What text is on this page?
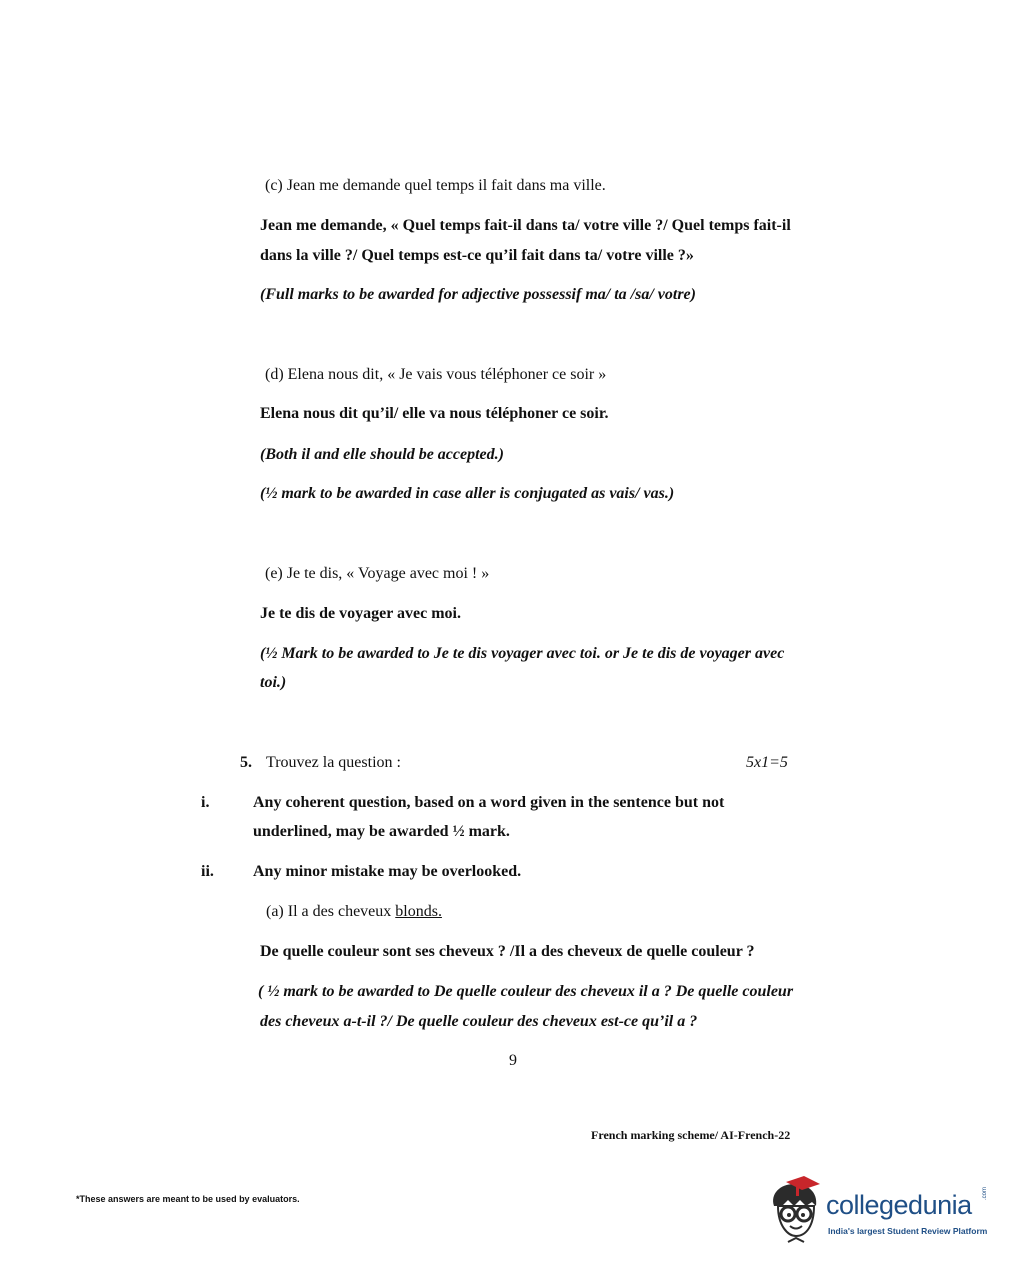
(c) Jean me demande quel temps il fait dans ma ville.
Jean me demande, « Quel temps fait-il dans ta/ votre ville ?/ Quel temps fait-il
dans la ville ?/ Quel temps est-ce qu’il fait dans ta/ votre ville ?»
(Full marks to be awarded for adjective possessif ma/ ta /sa/ votre)
(d) Elena nous dit, « Je vais vous téléphoner ce soir »
Elena nous dit qu’il/ elle va nous téléphoner ce soir.
(Both il and elle should be accepted.)
(½ mark to be awarded in case aller is conjugated as vais/ vas.)
(e) Je te dis, « Voyage avec moi ! »
Je te dis de voyager avec moi.
(½ Mark to be awarded to Je te dis voyager avec toi. or Je te dis de voyager avec
toi.)
5. Trouvez la question :	5x1=5
i.	Any coherent question, based on a word given in the sentence but not
underlined, may be awarded ½ mark.
ii. Any minor mistake may be overlooked.
(a) Il a des cheveux blonds.
De quelle couleur sont ses cheveux ? /Il a des cheveux de quelle couleur ?
( ½ mark to be awarded to De quelle couleur des cheveux il a ? De quelle couleur
des cheveux a-t-il ?/ De quelle couleur des cheveux est-ce qu’il a ?
9
French marking scheme/ AI-French-22
*These answers are meant to be used by evaluators.	collegedunia .com
India's largest Student Review Platform
